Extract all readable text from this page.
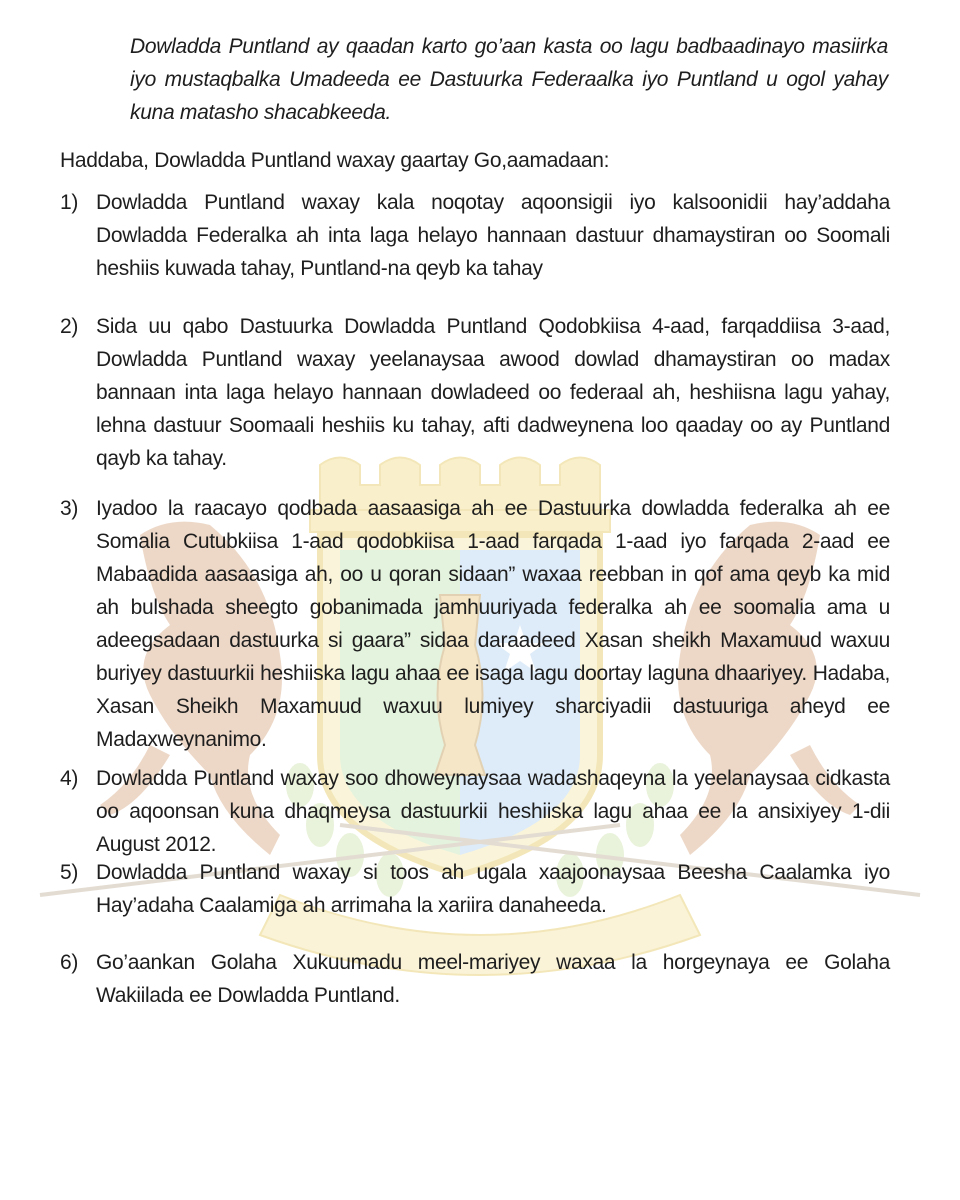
Dowladda Puntland ay qaadan karto go’aan kasta oo lagu badbaadinayo masiirka iyo mustaqbalka Umadeeda ee Dastuurka Federaalka iyo Puntland u ogol yahay kuna matasho shacabkeeda.

Haddaba, Dowladda Puntland waxay gaartay Go,aamadaan:

1) Dowladda Puntland waxay kala noqotay aqoonsigii iyo kalsoonidii hay’addaha Dowladda Federalka ah inta laga helayo hannaan dastuur dhamaystiran oo Soomali heshiis kuwada tahay, Puntland-na qeyb ka tahay
2) Sida uu qabo Dastuurka Dowladda Puntland Qodobkiisa 4-aad, farqaddiisa 3-aad, Dowladda Puntland waxay yeelanaysaa awood dowlad dhamaystiran oo madax bannaan inta laga helayo hannaan dowladeed oo federaal ah, heshiisna lagu yahay, lehna dastuur Soomaali heshiis ku tahay, afti dadweynena loo qaaday oo ay Puntland qayb ka tahay.
3) Iyadoo la raacayo qodbada aasaasiga ah ee Dastuurka dowladda federalka ah ee Somalia Cutubkiisa 1-aad qodobkiisa 1-aad farqada 1-aad iyo farqada 2-aad ee Mabaadida aasaasiga ah, oo u qoran sidaan” waxaa reebban in qof ama qeyb ka mid ah bulshada sheegto gobanimada jamhuuriyada federalka ah ee soomalia ama u adeegsadaan dastuurka si gaara” sidaa daraadeed Xasan sheikh Maxamuud waxuu buriyey dastuurkii heshiiska lagu ahaa ee isaga lagu doortay laguna dhaariyey. Hadaba, Xasan Sheikh Maxamuud waxuu lumiyey sharciyadii dastuuriga aheyd ee Madaxweynanimo.
4) Dowladda Puntland waxay soo dhoweynaysaa wadashaqeyna la yeelanaysaa cidkasta oo aqoonsan kuna dhaqmeysa dastuurkii heshiiska lagu ahaa ee la ansixiyey 1-dii August 2012.
5) Dowladda Puntland waxay si toos ah ugala xaajoonaysaa Beesha Caalamka iyo Hay’adaha Caalamiga ah arrimaha la xariira danaheeda.
6) Go’aankan Golaha Xukuumadu meel-mariyey waxaa la horgeynaya ee Golaha Wakiilada ee Dowladda Puntland.
